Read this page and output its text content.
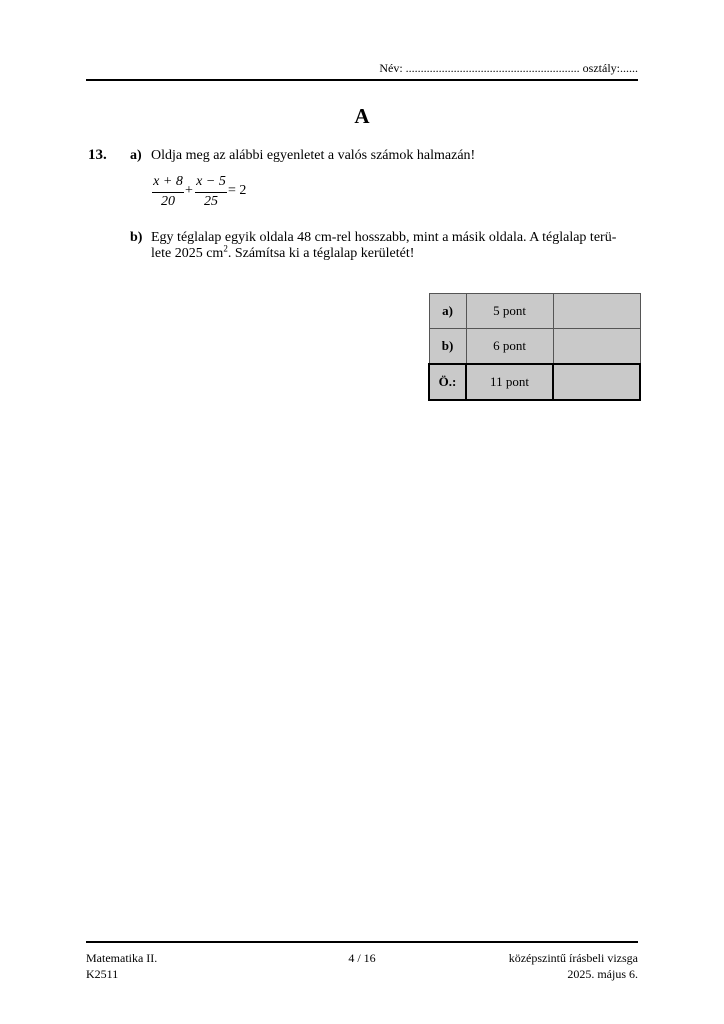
Név: .......................................................... osztály:......
A
13. a) Oldja meg az alábbi egyenletet a valós számok halmazán!
x + 8
20
+
x − 5
25
= 2
b) Egy téglalap egyik oldala 48 cm-rel hosszabb, mint a másik oldala. A téglalap terü-
lete 2025 $cm^2$. Számítsa ki a téglalap kerületét!
a)	5 pont	
b)	6 pont	
Ö.:	11 pont	
Matematika II.
K2511
4 / 16	középszintű írásbeli vizsga
2025. május 6.
